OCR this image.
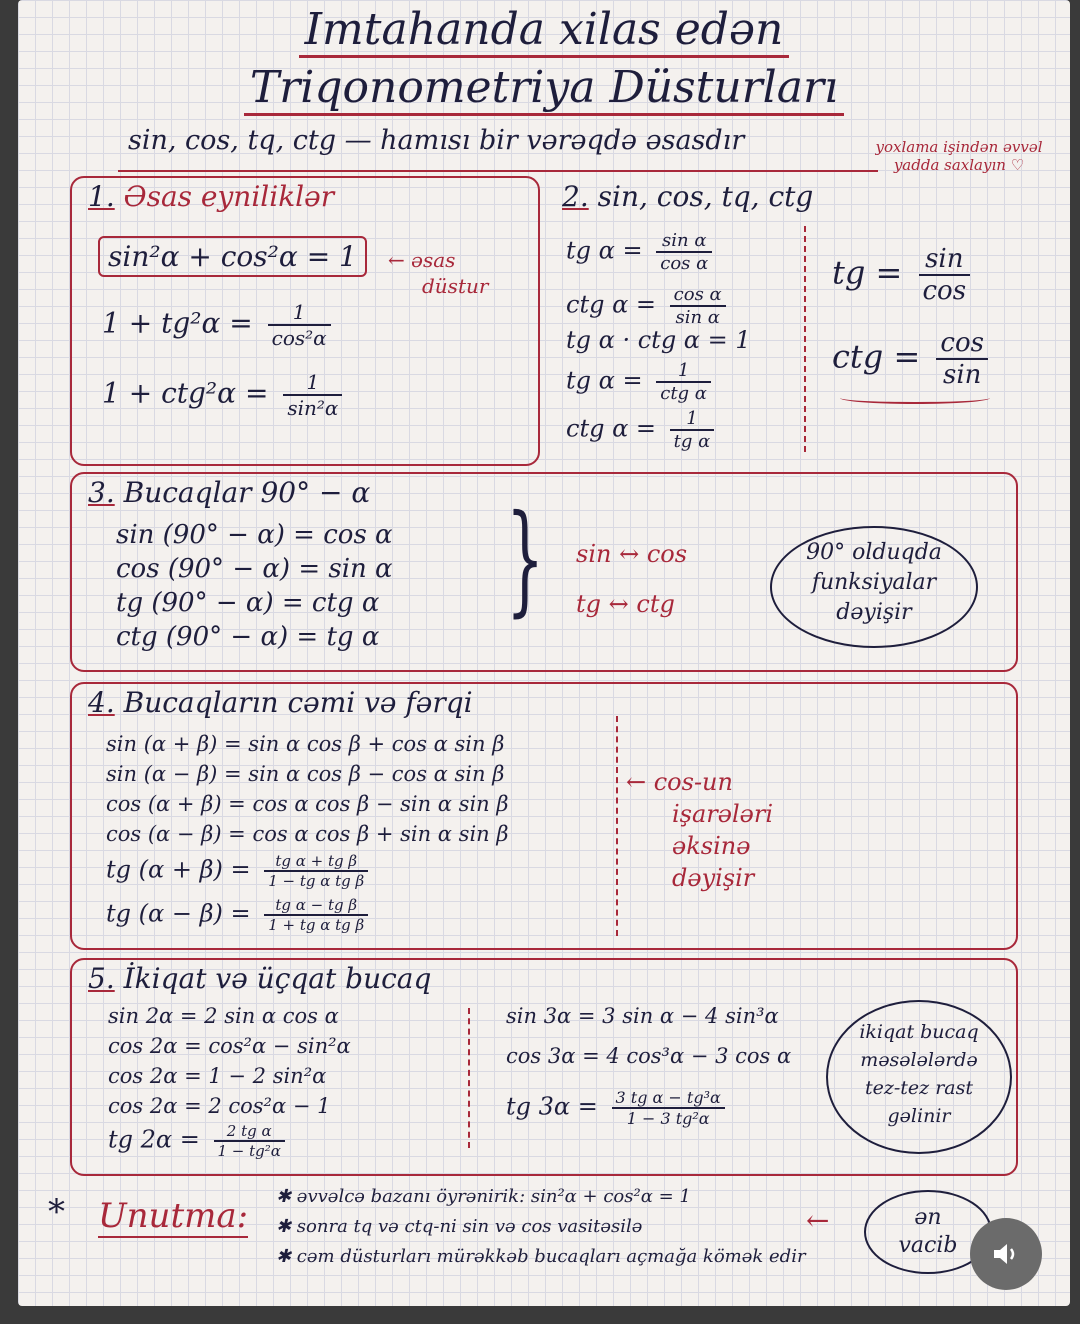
Imtahanda xilas edən
Triqonometriya Düsturları
sin, cos, tq, ctg — hamısı bir vərəqdə əsasdır	yoxlama işindən əvvəl yadda saxlayın ♡
1. Əsas eyniliklər
sin²α + cos²α = 1	← əsas
düstur
$1 + tg^2\alpha = \frac{1}{\text{cos²α}}$
$1 + ctg^2\alpha = \frac{1}{\text{sin²α}}$
2. sin, cos, tq, ctg
tg $\alpha = \frac{\text{sin α}}{\text{cos α}}$
ctg $\alpha = \frac{\text{cos α}}{\text{sin α}}$
tg α · ctg α = 1
tg $\alpha = \frac{1}{\text{ctg α}}$
ctg $\alpha = \frac{1}{\text{tg α}}$
tg = $\frac{\sin}{\cos}$
ctg = $\frac{\cos}{\sin}$
3. Bucaqlar 90° − α
sin (90° − α) = cos α
cos (90° − α) = sin α
tg (90° − α) = ctg α
ctg (90° − α) = tg α
} sin ↔ cos
tg ↔ ctg
90° olduqda
funksiyalar
dəyişir
4. Bucaqların cəmi və fərqi
sin (α + β) = sin α cos β + cos α sin β
sin (α − β) = sin α cos β − cos α sin β
cos (α + β) = cos α cos β − sin α sin β
cos (α − β) = cos α cos β + sin α sin β
tg $(\alpha + \beta) = \frac{\text{tg α + tg β}}{\text{1 − tg α tg β}}$
tg $(\alpha - \beta) = \frac{\text{tg α − tg β}}{\text{1 + tg α tg β}}$
← cos-un
işarələri
əksinə
dəyişir
5. İkiqat və üçqat bucaq
sin 2α = 2 sin α cos α
cos 2α = cos²α − sin²α
cos 2α = 1 − 2 sin²α
cos 2α = 2 cos²α − 1
tg $2\alpha = \frac{\text{2 tg α}}{\text{1 − tg²α}}$
sin 3α = 3 sin α − 4 sin³α
cos 3α = 4 cos³α − 3 cos α
tg $3\alpha = \frac{\text{3 tg α − tg³α}}{\text{1 − 3 tg²α}}$
ikiqat bucaq
məsələlərdə
tez-tez rast
gəlinir
* Unutma: ✱ əvvəlcə bazanı öyrənirik: sin²α + cos²α = 1
✱ sonra tq və ctq-ni sin və cos vasitəsilə
✱ cəm düsturları mürəkkəb bucaqları açmağa kömək edir
←	ən
vacib
